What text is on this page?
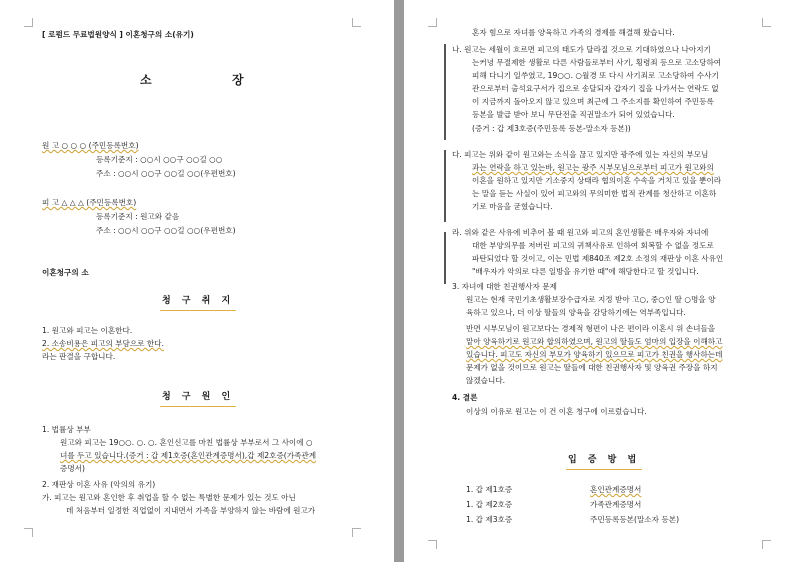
[ 로펌드 무료법원양식 ] 이혼청구의 소(유기)
소	장
원 고 ○ ○ ○ (주민등록번호)
등록기준지 : ○○시 ○○구 ○○길 ○○
주소 : ○○시 ○○구 ○○길 ○○(우편번호)
피 고 △ △ △ (주민등록번호)
등록기준지 : 원고와 같음
주소 : ○○시 ○○구 ○○길 ○○(우편번호)
이혼청구의 소
청 구 취 지
1. 원고와 피고는 이혼한다.
2. 소송비용은 피고의 부담으로 한다.
라는 판결을 구합니다.
청 구 원 인
1. 법률상 부부
원고와 피고는 19○○. ○. ○. 혼인신고를 마친 법률상 부부로서 그 사이에 ○
녀를 두고 있습니다.(증거 : 갑 제1호증(혼인관계증명서),갑 제2호증(가족관계
증명서)
2. 재판상 이혼 사유 (악의의 유기)
가. 피고는 원고와 혼인한 후 취업을 할 수 없는 특별한 문제가 있는 것도 아닌
데 처음부터 일정한 직업없이 지내면서 가족을 부양하지 않는 바람에 원고가
혼자 힘으로 자녀를 양육하고 가족의 경제를 해결해 왔습니다.
나. 원고는 세월이 흐르면 피고의 태도가 달라질 것으로 기대하였으나 나아지기
는커녕 무절제한 생활로 다른 사람들로부터 사기, 횡령죄 등으로 고소당하여
피해 다니기 일쑤였고, 19○○. ○월경 또 다시 사기죄로 고소당하여 수사기
관으로부터 출석요구서가 집으로 송달되자 갑자기 집을 나가서는 연락도 없
이 지금까지 돌아오지 않고 있으며 최근에 그 주소지를 확인하여 주민등록
등본을 발급 받아 보니 무단전출 직권말소가 되어 있었습니다.
(증거 : 갑 제3호증(주민등록 등본-말소자 등본))
다. 피고는 위와 같이 원고와는 소식을 끊고 있지만 광주에 있는 자신의 부모님
과는 연락을 하고 있는바, 원고는 광주 시부모님으로부터 피고가 원고와의
이혼을 원하고 있지만 기소중지 상태라 협의이혼 수속을 거치고 있을 뿐이라
는 말을 듣는 사실이 있어 피고와의 무의미한 법적 관계를 청산하고 이혼하
기로 마음을 굳혔습니다.
라. 위와 같은 사유에 비추어 볼 때 원고와 피고의 혼인생활은 배우자와 자녀에
대한 부양의무를 저버린 피고의 귀책사유로 인하여 회복할 수 없을 정도로
파탄되었다 할 것이고, 이는 민법 제840조 제2호 소정의 재판상 이혼 사유인
"배우자가 악의로 다른 일방을 유기한 때"에 해당한다고 할 것입니다.
3. 자녀에 대한 친권행사자 문제
원고는 현재 국민기초생활보장수급자로 지정 받아 고○, 중○인 딸 ○명을 양
육하고 있으나, 더 이상 딸들의 양육을 감당하기에는 역부족입니다.
반면 시부모님이 원고보다는 경제적 형편이 나은 편이라 이혼시 위 손녀들을
맡아 양육하기로 원고와 합의하였으며, 원고의 딸들도 엄마의 입장을 이해하고
있습니다. 피고도 자신의 부모가 양육하기 있으므로 피고가 친권을 행사하는데
문제가 없을 것이므로 원고는 딸들에 대한 친권행사자 및 양육권 주장을 하지
않겠습니다.
4. 결론
이상의 이유로 원고는 이 건 이혼 청구에 이르렀습니다.
입 증 방 법
1. 갑 제1호증	혼인관계증명서
1. 갑 제2호증	가족관계증명서
1. 갑 제3호증	주민등록등본(말소자 등본)
